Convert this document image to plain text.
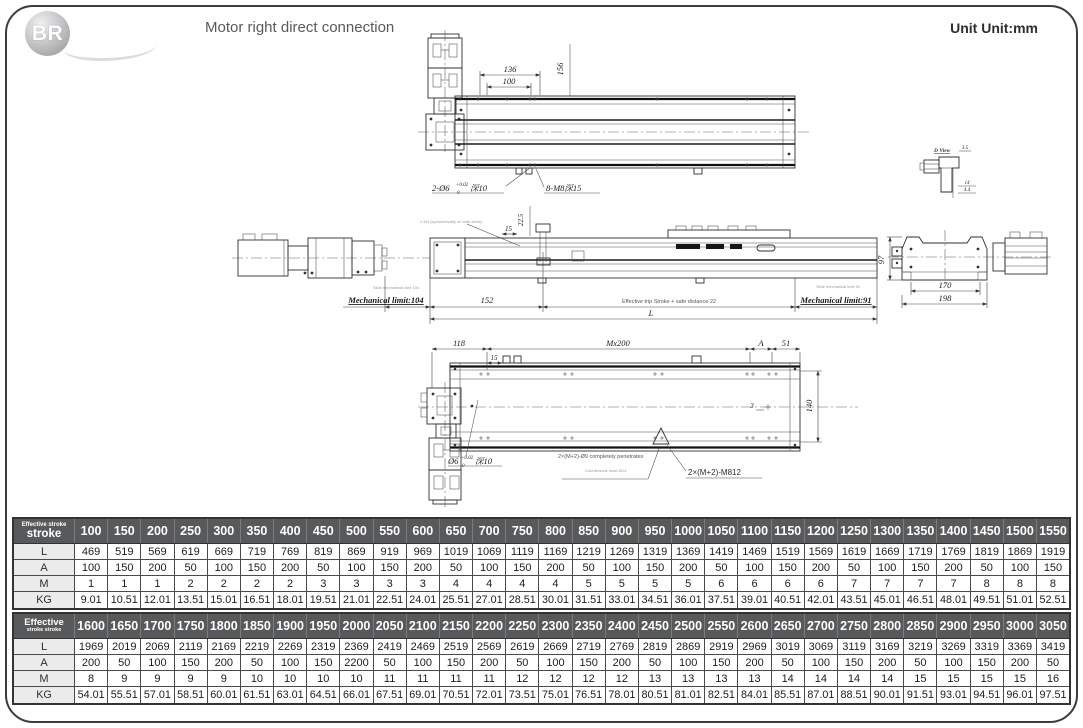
BR	Motor right direct connection	Unit Unit:mm
136
100
156
2-Ø6 +0.02
0
深10	8-M8深15
Slide mechanical limit 104
2-M4 (symmetrically on both sides)	22.5
15
Mechanical limit:104	152	Effective trip Stroke + safe distance 22	Mechanical limit:91
Slide mechanical limit 91
L
97
170
198
D View 3.5
14
4.4
118	Mx200	A 51
15
3	140
Ø6 +0.02
0
深10	2×(M+2)-Ø9 completely penetrates
Countersunk head Ø14	2×(M+2)-M812
Effective stroke
stroke	100	150	200	250	300	350	400	450	500	550	600	650	700	750	800	850	900	950	1000	1050	1100	1150	1200	1250	1300	1350	1400	1450	1500	1550
L	469	519	569	619	669	719	769	819	869	919	969	1019	1069	1119	1169	1219	1269	1319	1369	1419	1469	1519	1569	1619	1669	1719	1769	1819	1869	1919
A	100	150	200	50	100	150	200	50	100	150	200	50	100	150	200	50	100	150	200	50	100	150	200	50	100	150	200	50	100	150
M	1	1	1	2	2	2	2	3	3	3	3	4	4	4	4	5	5	5	5	6	6	6	6	7	7	7	7	8	8	8
KG	9.01	10.51	12.01	13.51	15.01	16.51	18.01	19.51	21.01	22.51	24.01	25.51	27.01	28.51	30.01	31.51	33.01	34.51	36.01	37.51	39.01	40.51	42.01	43.51	45.01	46.51	48.01	49.51	51.01	52.51
Effective
stroke stroke	1600	1650	1700	1750	1800	1850	1900	1950	2000	2050	2100	2150	2200	2250	2300	2350	2400	2450	2500	2550	2600	2650	2700	2750	2800	2850	2900	2950	3000	3050
L	1969	2019	2069	2119	2169	2219	2269	2319	2369	2419	2469	2519	2569	2619	2669	2719	2769	2819	2869	2919	2969	3019	3069	3119	3169	3219	3269	3319	3369	3419
A	200	50	100	150	200	50	100	150	2200	50	100	150	200	50	100	150	200	50	100	150	200	50	100	150	200	50	100	150	200	50
M	8	9	9	9	9	10	10	10	10	11	11	11	11	12	12	12	12	13	13	13	13	14	14	14	14	15	15	15	15	16
KG	54.01	55.51	57.01	58.51	60.01	61.51	63.01	64.51	66.01	67.51	69.01	70.51	72.01	73.51	75.01	76.51	78.01	80.51	81.01	82.51	84.01	85.51	87.01	88.51	90.01	91.51	93.01	94.51	96.01	97.51
